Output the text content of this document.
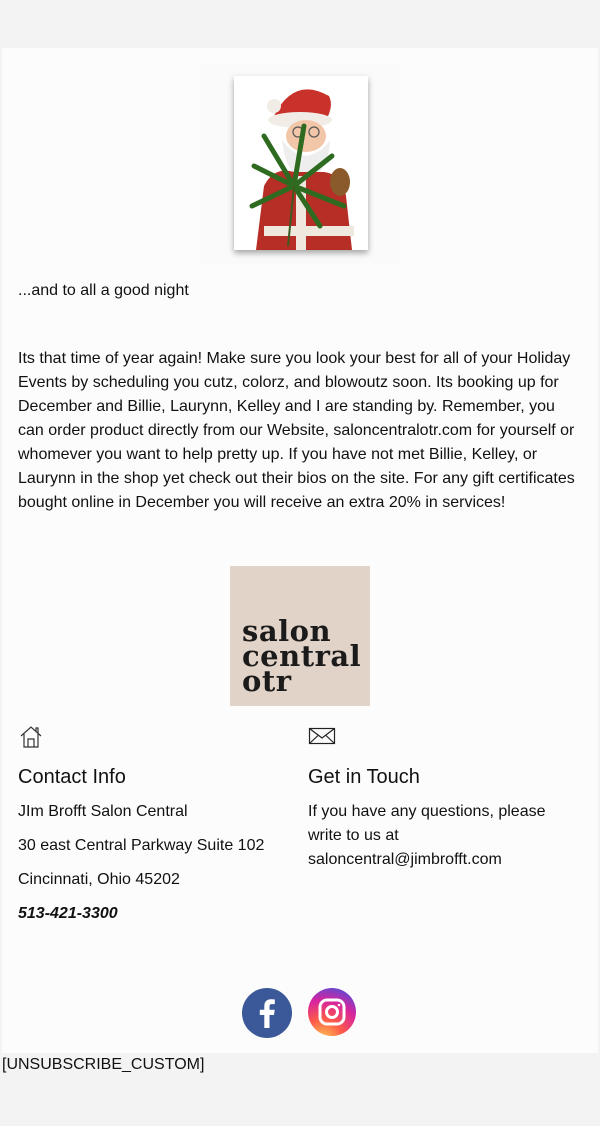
...and to all a good night

Its that time of year again! Make sure you look your best for all of your Holiday Events by scheduling you cutz, colorz, and blowoutz soon. Its booking up for December and Billie, Laurynn, Kelley and I are standing by. Remember, you can order product directly from our Website, saloncentralotr.com for yourself or whomever you want to help pretty up. If you have not met Billie, Kelley, or Laurynn in the shop yet check out their bios on the site. For any gift certificates bought online in December you will receive an extra 20% in services!

salon
central
otr
Contact Info
JIm Brofft Salon Central
30 east Central Parkway Suite 102
Cincinnati, Ohio 45202
513-421-3300
Get in Touch
If you have any questions, please write to us at saloncentral@jimbrofft.com
[UNSUBSCRIBE_CUSTOM]
